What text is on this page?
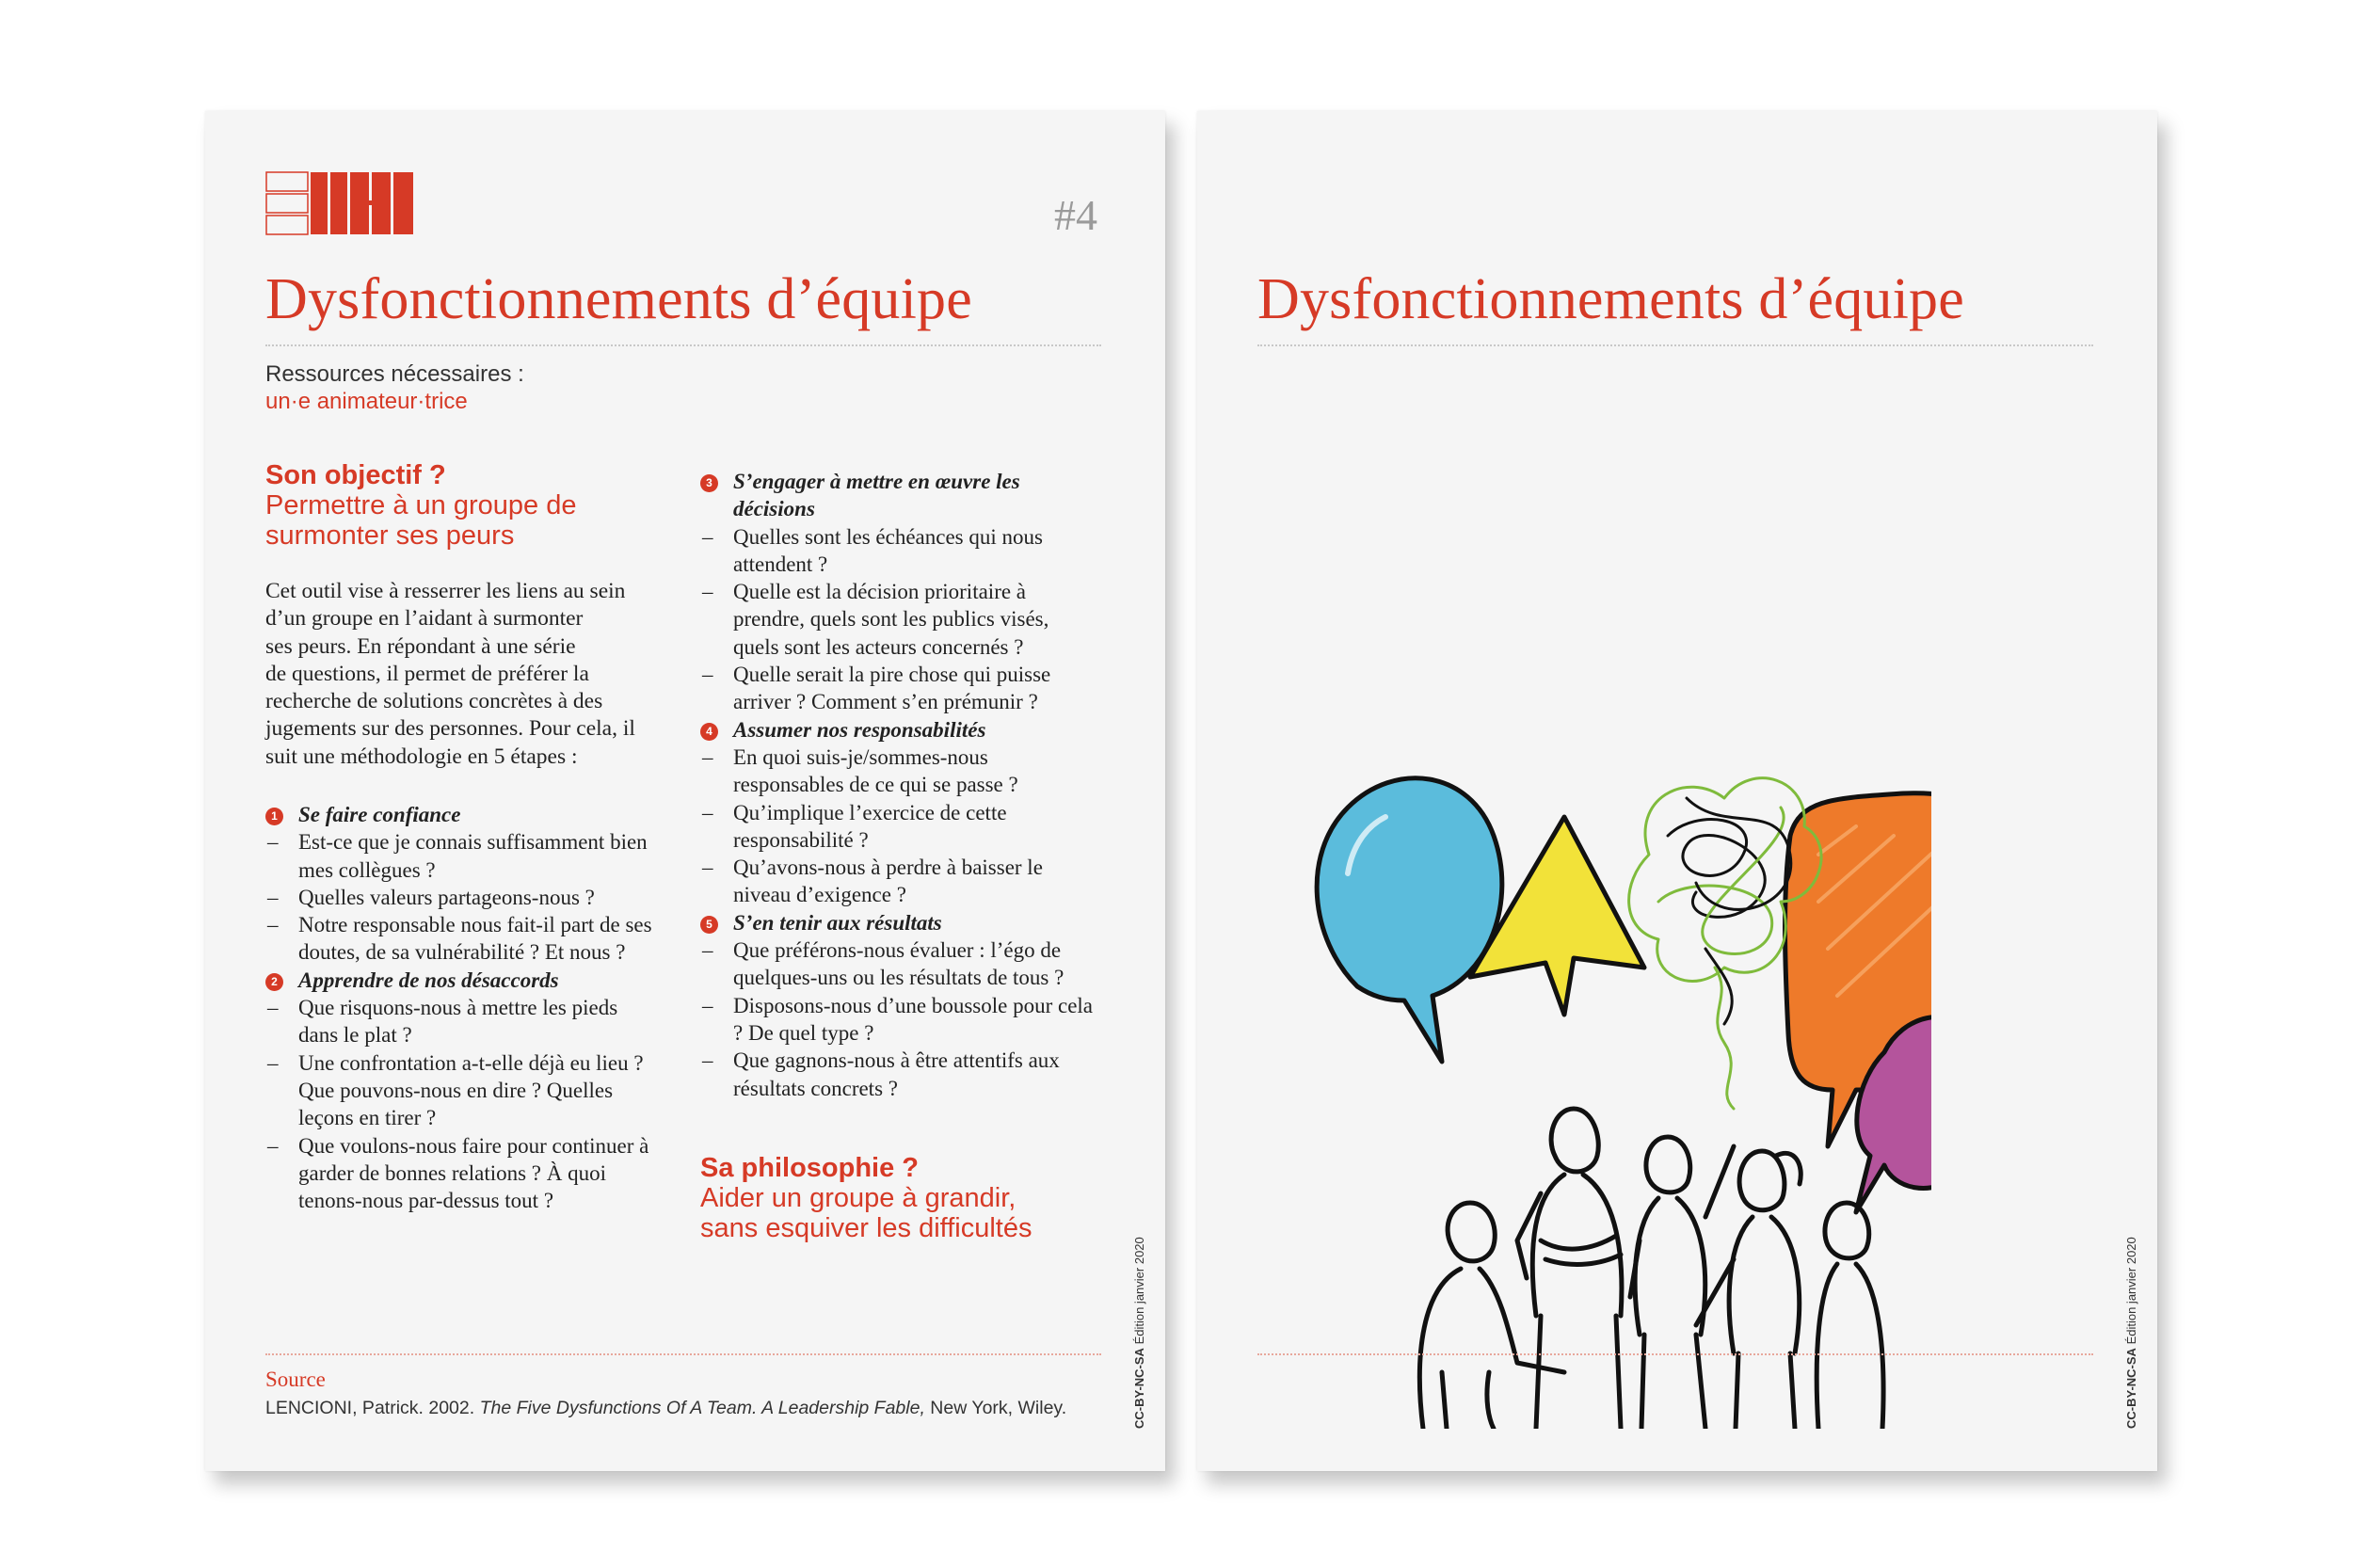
#4
Dysfonctionnements d’équipe
Ressources nécessaires :
un·e animateur·trice
Son objectif ?
Permettre à un groupe de
surmonter ses peurs
Cet outil vise à resserrer les liens au sein
d’un groupe en l’aidant à surmonter
ses peurs. En répondant à une série
de questions, il permet de préférer la
recherche de solutions concrètes à des
jugements sur des personnes. Pour cela, il
suit une méthodologie en 5 étapes :
1 Se faire confiance
– Est-ce que je connais suffisamment bien mes collègues ?
– Quelles valeurs partageons-nous ?
– Notre responsable nous fait-il part de ses doutes, de sa vulnérabilité ? Et nous ?
2 Apprendre de nos désaccords
– Que risquons-nous à mettre les pieds dans le plat ?
– Une confrontation a-t-elle déjà eu lieu ? Que pouvons-nous en dire ? Quelles leçons en tirer ?
– Que voulons-nous faire pour continuer à garder de bonnes relations ? À quoi tenons-nous par-dessus tout ?
3 S’engager à mettre en œuvre les décisions
– Quelles sont les échéances qui nous attendent ?
– Quelle est la décision prioritaire à prendre, quels sont les publics visés, quels sont les acteurs concernés ?
– Quelle serait la pire chose qui puisse arriver ? Comment s’en prémunir ?
4 Assumer nos responsabilités
– En quoi suis-je/sommes-nous responsables de ce qui se passe ?
– Qu’implique l’exercice de cette responsabilité ?
– Qu’avons-nous à perdre à baisser le niveau d’exigence ?
5 S’en tenir aux résultats
– Que préférons-nous évaluer : l’égo de quelques-uns ou les résultats de tous ?
– Disposons-nous d’une boussole pour cela ? De quel type ?
– Que gagnons-nous à être attentifs aux résultats concrets ?
Sa philosophie ?
Aider un groupe à grandir,
sans esquiver les difficultés
Source
LENCIONI, Patrick. 2002. The Five Dysfunctions Of A Team. A Leadership Fable, New York, Wiley.	CC-BY-NC-SA Édition janvier 2020
Dysfonctionnements d’équipe
CC-BY-NC-SA Édition janvier 2020
